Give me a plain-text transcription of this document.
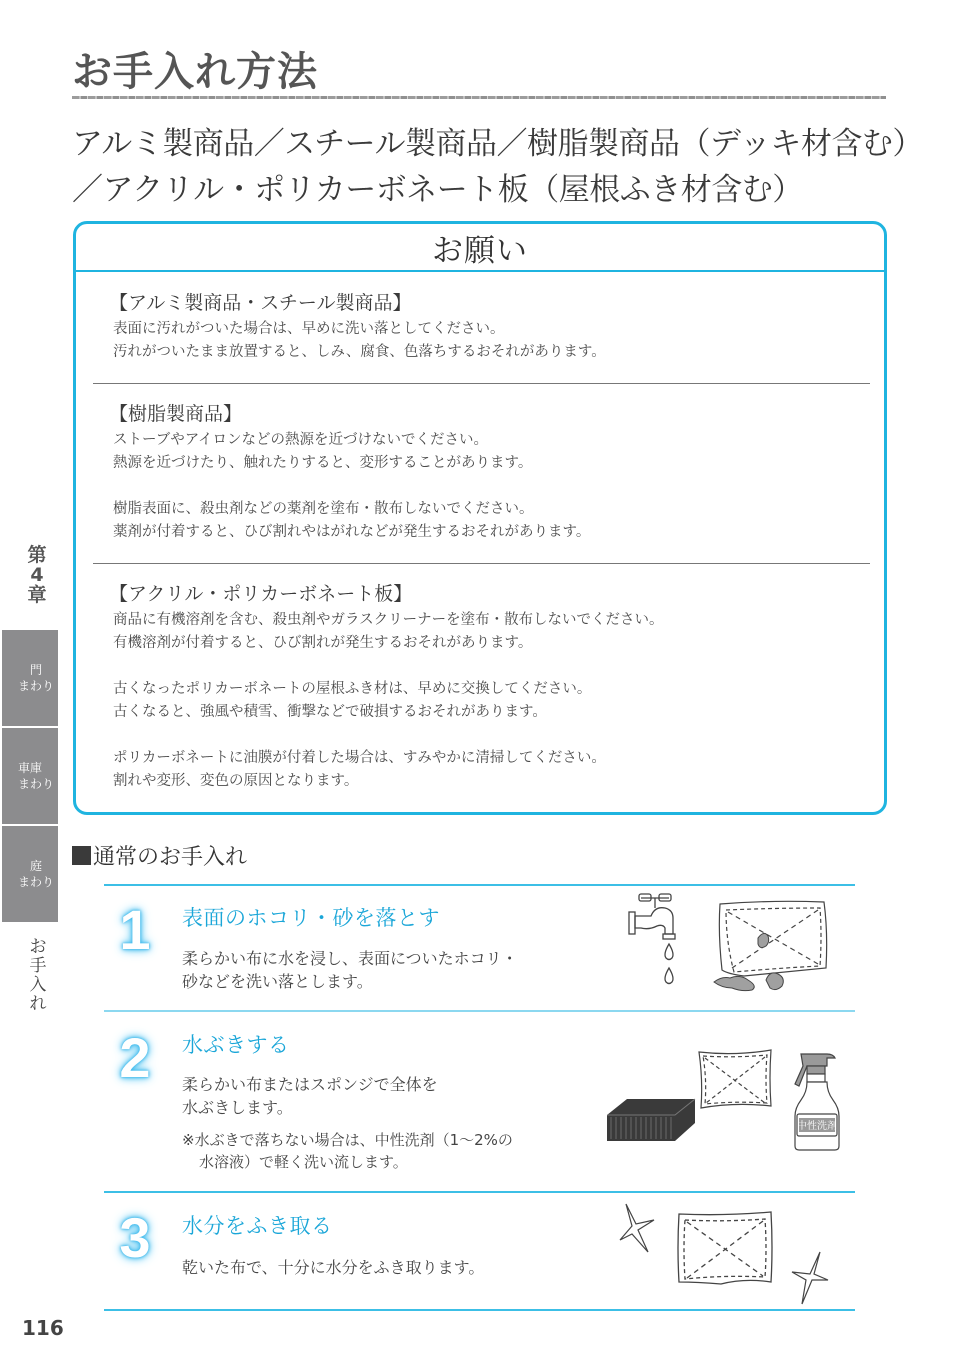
お手入れ方法
アルミ製商品／スチール製商品／樹脂製商品（デッキ材含む）
／アクリル・ポリカーボネート板（屋根ふき材含む）
第
4
章
門
まわり
車庫
まわり
庭
まわり
お
手
入
れ
お願い
【アルミ製商品・スチール製商品】
表面に汚れがついた場合は、早めに洗い落としてください。
汚れがついたまま放置すると、しみ、腐食、色落ちするおそれがあります。
【樹脂製商品】
ストーブやアイロンなどの熱源を近づけないでください。
熱源を近づけたり、触れたりすると、変形することがあります。
樹脂表面に、殺虫剤などの薬剤を塗布・散布しないでください。
薬剤が付着すると、ひび割れやはがれなどが発生するおそれがあります。
【アクリル・ポリカーボネート板】
商品に有機溶剤を含む、殺虫剤やガラスクリーナーを塗布・散布しないでください。
有機溶剤が付着すると、ひび割れが発生するおそれがあります。
古くなったポリカーボネートの屋根ふき材は、早めに交換してください。
古くなると、強風や積雪、衝撃などで破損するおそれがあります。
ポリカーボネートに油膜が付着した場合は、すみやかに清掃してください。
割れや変形、変色の原因となります。
通常のお手入れ
1	表面のホコリ・砂を落とす
柔らかい布に水を浸し、表面についたホコリ・
砂などを洗い落とします。
2	水ぶきする
柔らかい布またはスポンジで全体を
水ぶきします。
※水ぶきで落ちない場合は、中性洗剤（1〜2%の
水溶液）で軽く洗い流します。
中性洗剤
3	水分をふき取る
乾いた布で、十分に水分をふき取ります。
116
